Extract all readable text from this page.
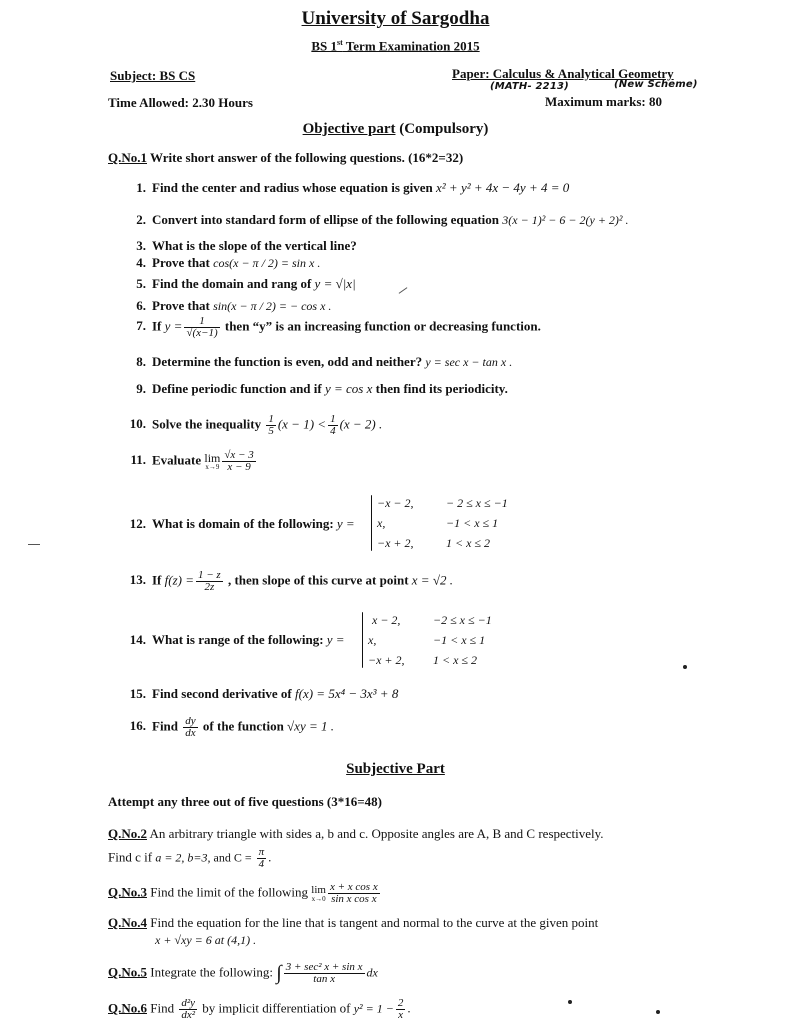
University of Sargodha
BS 1st Term Examination 2015
Subject: BS CS	Paper: Calculus & Analytical Geometry
(MATH- 2213)	(New Scheme)
Time Allowed: 2.30 Hours	Maximum marks: 80
Objective part (Compulsory)
Q.No.1 Write short answer of the following questions. (16*2=32)
1. Find the center and radius whose equation is given x² + y² + 4x − 4y + 4 = 0
2. Convert into standard form of ellipse of the following equation 3(x − 1)² − 6 − 2(y + 2)² .
3. What is the slope of the vertical line?
4. Prove that cos(x − π / 2) = sin x .
5. Find the domain and rang of y = √|x|
6. Prove that sin(x − π / 2) = − cos x .
7. If $y = \frac{1}{√(x-1)}$ then “y” is an increasing function or decreasing function.
8. Determine the function is even, odd and neither? y = sec x − tan x .
9. Define periodic function and if y = cos x then find its periodicity.
10. Solve the inequality $\frac{1}{5} (x - 1) < \frac{1}{4} (x - 2)$ .
11. Evaluate lim
$x\to 9 \frac{√x - 3}{x - 9}$
12. What is domain of the following: y =
−x − 2,	− 2 ≤ x ≤ −1
x,	−1 < x ≤ 1
−x + 2,	1 < x ≤ 2
13. If $f(z) = \frac{1 - z}{2z}$ , then slope of this curve at point x = √2 .
14. What is range of the following: y =
x − 2,	−2 ≤ x ≤ −1
x,	−1 < x ≤ 1
−x + 2, 1 < x ≤ 2
15. Find second derivative of f(x) = 5x⁴ − 3x³ + 8
16. Find $\frac{dy}{dx}$ of the function √xy = 1 .
Subjective Part
Attempt any three out of five questions (3*16=48)
Q.No.2 An arbitrary triangle with sides a, b and c. Opposite angles are A, B and C respectively.
Find c if a = 2, b=3, and $C = \frac{\pi}{4}$ .
Q.No.3 Find the limit of the following lim
$x\to 0 \frac{\text{x + x cos x}}{\text{sin x cos x}}$
Q.No.4 Find the equation for the line that is tangent and normal to the curve at the given point
x + √xy = 6 at (4,1) .
Q.No.5 Integrate the following: ∫ $\frac{\text{3 + sec² x + sin x}}{\text{tan x}}$ dx
Q.No.6 Find $\frac{\text{d²y}}{\text{dx²}}$ by implicit differentiation of $y^2 = 1 - \frac{2}{x}$ .
